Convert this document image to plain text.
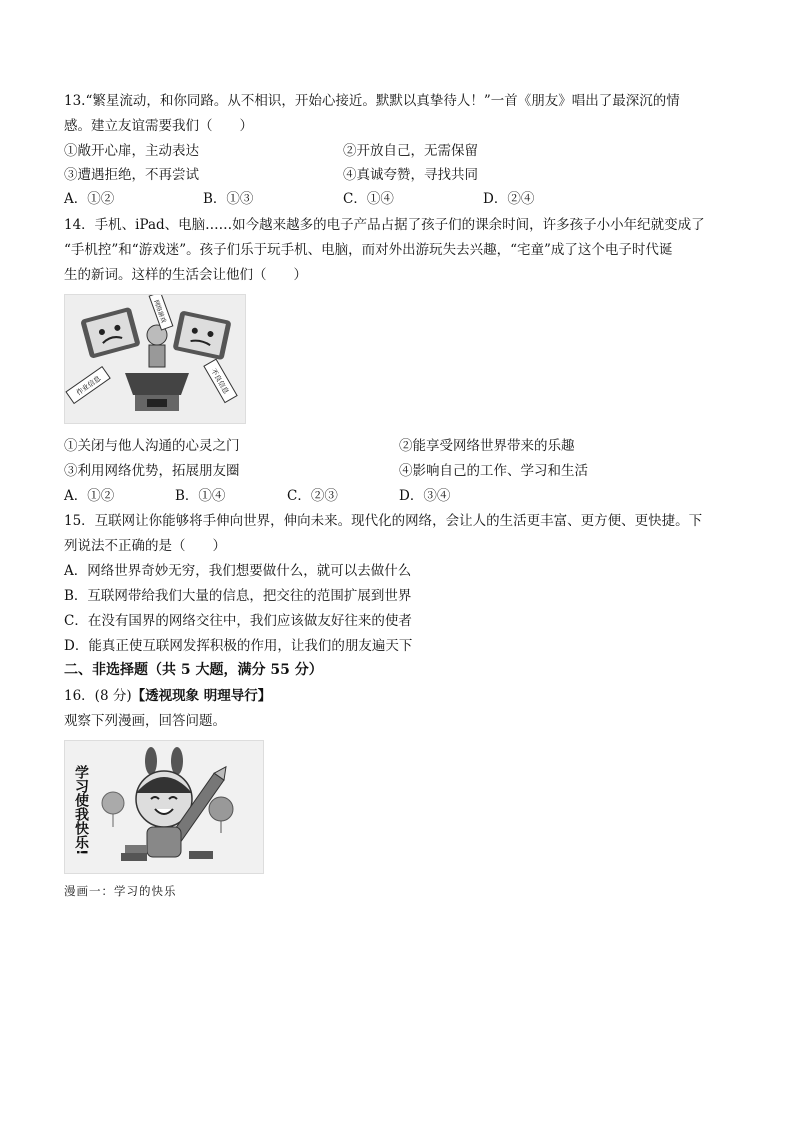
13.“繁星流动，和你同路。从不相识，开始心接近。默默以真挚待人！”一首《朋友》唱出了最深沉的情
感。建立友谊需要我们（　　）
①敞开心扉，主动表达	②开放自己，无需保留
③遭遇拒绝，不再尝试	④真诚夸赞，寻找共同
A．①②	B．①③	C．①④	D．②④
14．手机、iPad、电脑……如今越来越多的电子产品占据了孩子们的课余时间，许多孩子小小年纪就变成了
“手机控”和“游戏迷”。孩子们乐于玩手机、电脑，而对外出游玩失去兴趣，“宅童”成了这个电子时代诞
生的新词。这样的生活会让他们（　　）
作业信息	不良信息
网络游戏
①关闭与他人沟通的心灵之门	②能享受网络世界带来的乐趣
③利用网络优势，拓展朋友圈	④影响自己的工作、学习和生活
A．①②	B．①④	C．②③	D．③④
15．互联网让你能够将手伸向世界，伸向未来。现代化的网络，会让人的生活更丰富、更方便、更快捷。下
列说法不正确的是（　　）
A．网络世界奇妙无穷，我们想要做什么，就可以去做什么
B．互联网带给我们大量的信息，把交往的范围扩展到世界
C．在没有国界的网络交往中，我们应该做友好往来的使者
D．能真正使互联网发挥积极的作用，让我们的朋友遍天下
二、非选择题（共 5 大题，满分 55 分）
16．(8 分)【透视现象 明理导行】
观察下列漫画，回答问题。
学习使我快乐!
漫画一：学习的快乐
